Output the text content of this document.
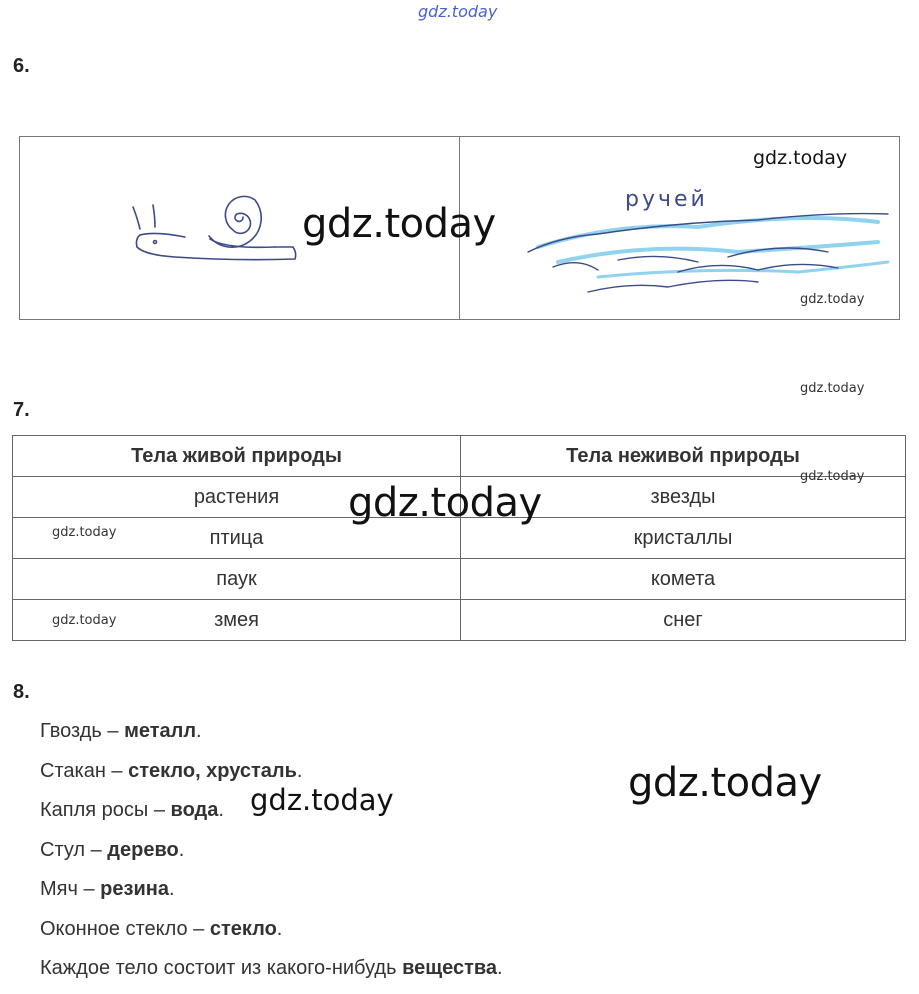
gdz.today
6.
ручей
gdz.today
gdz.today
gdz.today
gdz.today
7.
Тела живой природы	Тела неживой природы
растения	звезды
птица	кристаллы
паук	комета
змея	снег
gdz.today
gdz.today
gdz.today
gdz.today
8.
Гвоздь – металл.
Стакан – стекло, хрусталь.
Капля росы – вода.
Стул – дерево.
Мяч – резина.
Оконное стекло – стекло.
Каждое тело состоит из какого-нибудь вещества.
gdz.today	gdz.today
